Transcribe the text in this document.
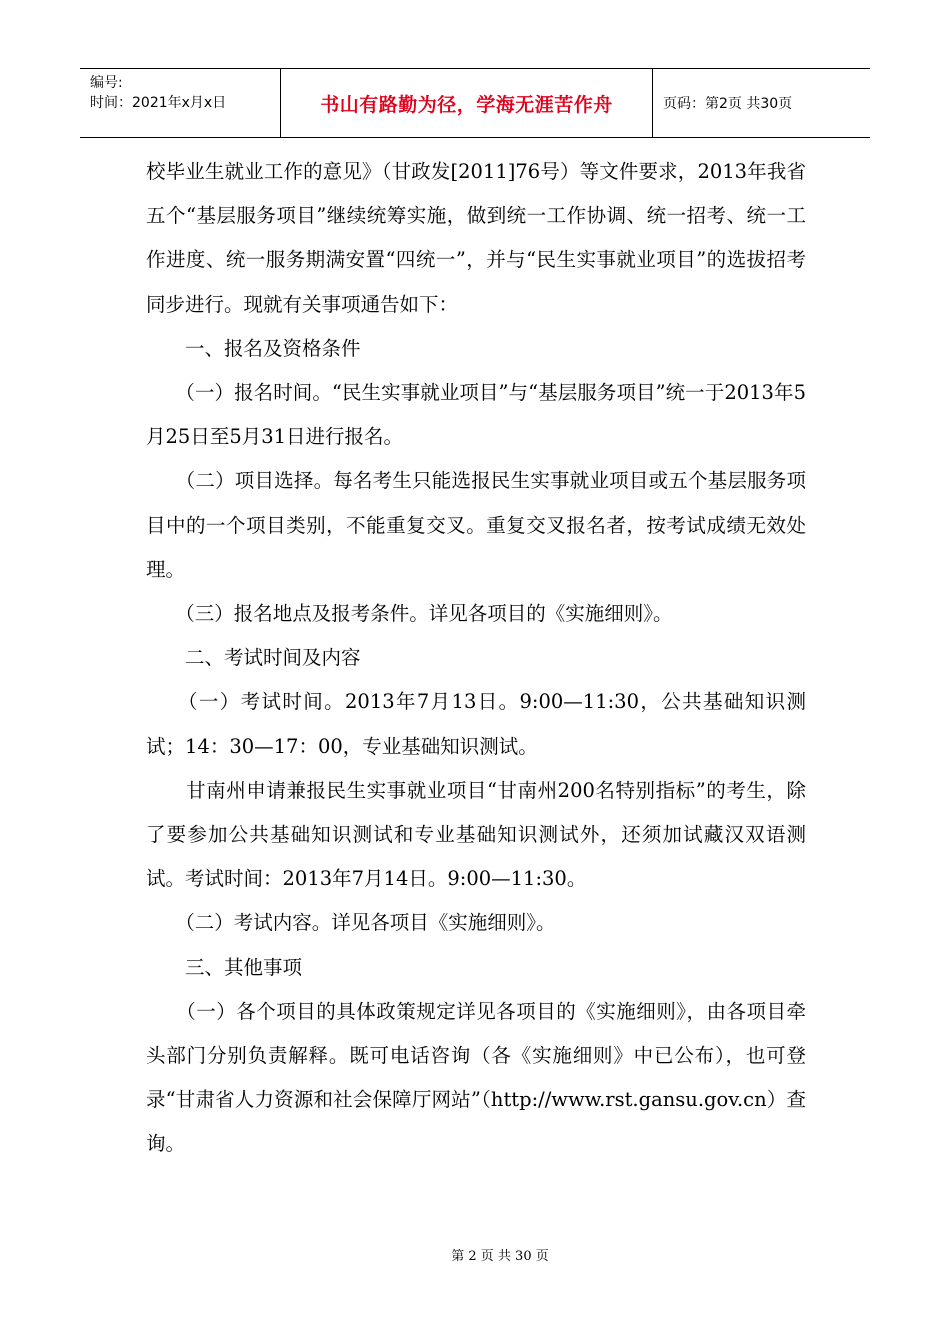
编号:
时间：2021年x月x日	书山有路勤为径，学海无涯苦作舟	页码：第2页 共30页

校毕业生就业工作的意见》（甘政发[2011]76号）等文件要求，2013年我省五个“基层服务项目”继续统筹实施，做到统一工作协调、统一招考、统一工作进度、统一服务期满安置“四统一”，并与“民生实事就业项目”的选拔招考同步进行。现就有关事项通告如下：

　　一、报名及资格条件

　　（一）报名时间。“民生实事就业项目”与“基层服务项目”统一于2013年5月25日至5月31日进行报名。

　　（二）项目选择。每名考生只能选报民生实事就业项目或五个基层服务项目中的一个项目类别，不能重复交叉。重复交叉报名者，按考试成绩无效处理。

　　（三）报名地点及报考条件。详见各项目的《实施细则》。

　　二、考试时间及内容

　　（一）考试时间。2013年7月13日。9:00—11:30，公共基础知识测试；14：30—17：00，专业基础知识测试。

　　甘南州申请兼报民生实事就业项目“甘南州200名特别指标”的考生，除了要参加公共基础知识测试和专业基础知识测试外，还须加试藏汉双语测试。考试时间：2013年7月14日。9:00—11:30。

　　（二）考试内容。详见各项目《实施细则》。

　　三、其他事项

　　（一）各个项目的具体政策规定详见各项目的《实施细则》，由各项目牵头部门分别负责解释。既可电话咨询（各《实施细则》中已公布），也可登录“甘肃省人力资源和社会保障厅网站”（http://www.rst.gansu.gov.cn）查询。

第 2 页 共 30 页
